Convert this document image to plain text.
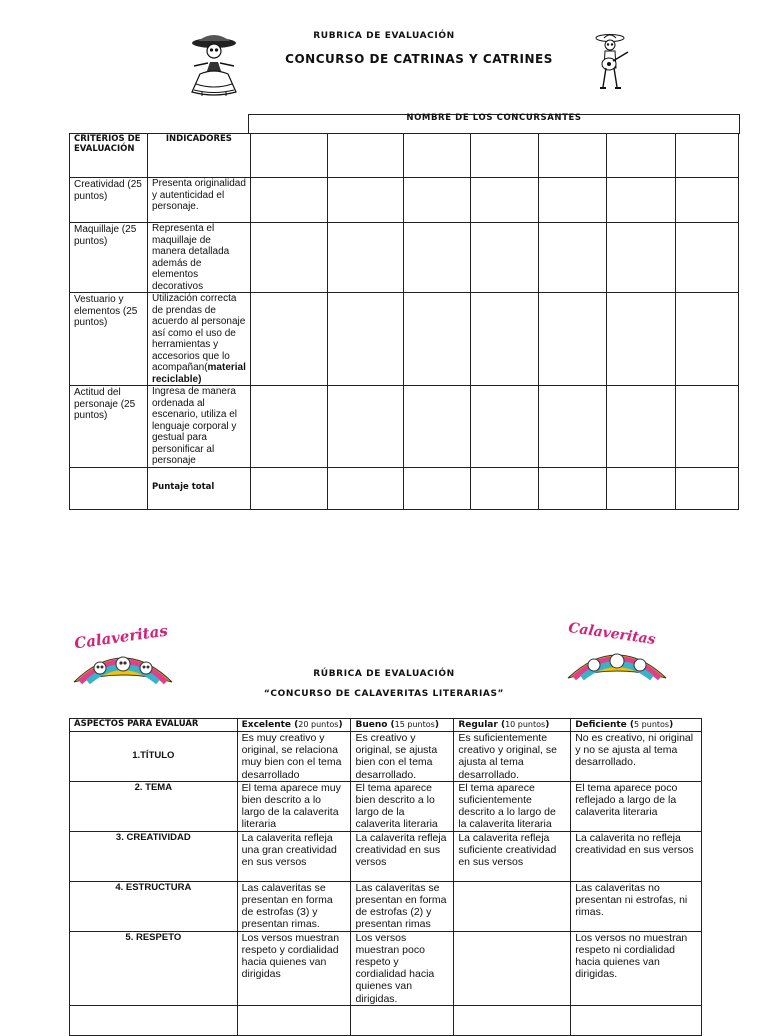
RUBRICA DE EVALUACIÓN
CONCURSO DE CATRINAS Y CATRINES
NOMBRE DE LOS CONCURSANTES
CRITERIOS DE EVALUACIÓN	INDICADORES							
Creatividad (25 puntos)	Presenta originalidad y autenticidad el personaje.							
Maquillaje (25 puntos)	Representa el maquillaje de manera detallada además de elementos decorativos							
Vestuario y elementos (25 puntos)	Utilización correcta de prendas de acuerdo al personaje así como el uso de herramientas y accesorios que lo acompañan(material reciclable)							
Actitud del personaje (25 puntos)	Ingresa de manera ordenada al escenario, utiliza el lenguaje corporal y gestual para personificar al personaje							
	Puntaje total							
Calaveritas	Calaveritas
RÚBRICA DE EVALUACIÓN
“CONCURSO DE CALAVERITAS LITERARIAS”
ASPECTOS PARA EVALUAR	Excelente (20 puntos)	Bueno (15 puntos)	Regular (10 puntos)	Deficiente (5 puntos)
1.TÍTULO	Es muy creativo y original, se relaciona muy bien con el tema desarrollado	Es creativo y original, se ajusta bien con el tema desarrollado.	Es suficientemente creativo y original, se ajusta al tema desarrollado.	No es creativo, ni original y no se ajusta al tema desarrollado.
2. TEMA	El tema aparece muy bien descrito a lo largo de la calaverita literaria	El tema aparece bien descrito a lo largo de la calaverita literaria	El tema aparece suficientemente descrito a lo largo de la calaverita literaria	El tema aparece poco reflejado a largo de la calaverita literaria
3. CREATIVIDAD	La calaverita refleja una gran creatividad en sus versos	La calaverita refleja creatividad en sus versos	La calaverita refleja suficiente creatividad en sus versos	La calaverita no refleja creatividad en sus versos
4. ESTRUCTURA	Las calaveritas se presentan en forma de estrofas (3) y presentan rimas.	Las calaveritas se presentan en forma de estrofas (2) y presentan rimas		Las calaveritas no presentan ni estrofas, ni rimas.
5. RESPETO	Los versos muestran respeto y cordialidad hacia quienes van dirigidas	Los versos muestran poco respeto y cordialidad hacia quienes van dirigidas.		Los versos no muestran respeto ni cordialidad hacia quienes van dirigidas.
